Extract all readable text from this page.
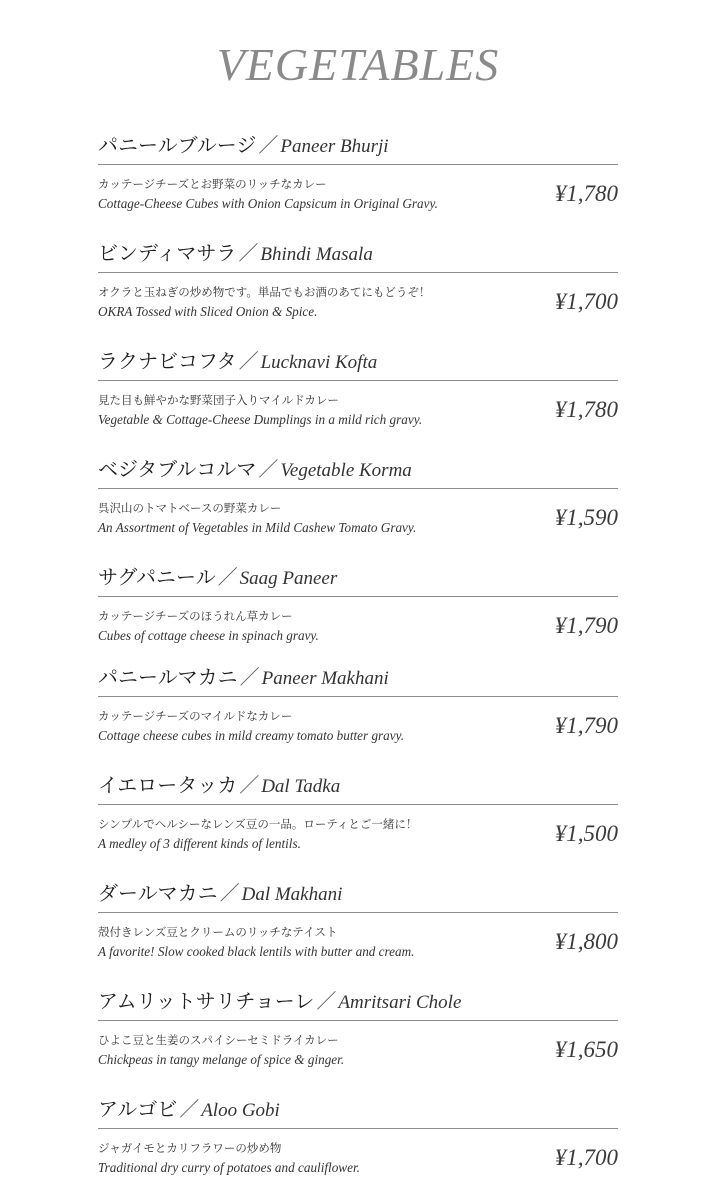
VEGETABLES
パニールブルージ ／ Paneer Bhurji
カッテージチーズとお野菜のリッチなカレー
Cottage-Cheese Cubes with Onion Capsicum in Original Gravy.	¥1,780
ビンディマサラ ／ Bhindi Masala
オクラと玉ねぎの炒め物です。単品でもお酒のあてにもどうぞ！
OKRA Tossed with Sliced Onion & Spice.	¥1,700
ラクナビコフタ ／ Lucknavi Kofta
見た目も鮮やかな野菜団子入りマイルドカレー
Vegetable & Cottage-Cheese Dumplings in a mild rich gravy.	¥1,780
ベジタブルコルマ ／ Vegetable Korma
呉沢山のトマトベースの野菜カレー
An Assortment of Vegetables in Mild Cashew Tomato Gravy.	¥1,590
サグパニール ／ Saag Paneer
カッテージチーズのほうれん草カレー
Cubes of cottage cheese in spinach gravy.	¥1,790
パニールマカニ ／ Paneer Makhani
カッテージチーズのマイルドなカレー
Cottage cheese cubes in mild creamy tomato butter gravy.	¥1,790
イエロータッカ ／ Dal Tadka
シンプルでヘルシーなレンズ豆の一品。ローティとご一緒に！
A medley of 3 different kinds of lentils.	¥1,500
ダールマカニ ／ Dal Makhani
殻付きレンズ豆とクリームのリッチなテイスト
A favorite! Slow cooked black lentils with butter and cream.	¥1,800
アムリットサリチョーレ ／ Amritsari Chole
ひよこ豆と生姜のスパイシーセミドライカレー
Chickpeas in tangy melange of spice & ginger.	¥1,650
アルゴビ ／ Aloo Gobi
ジャガイモとカリフラワーの炒め物
Traditional dry curry of potatoes and cauliflower.	¥1,700
